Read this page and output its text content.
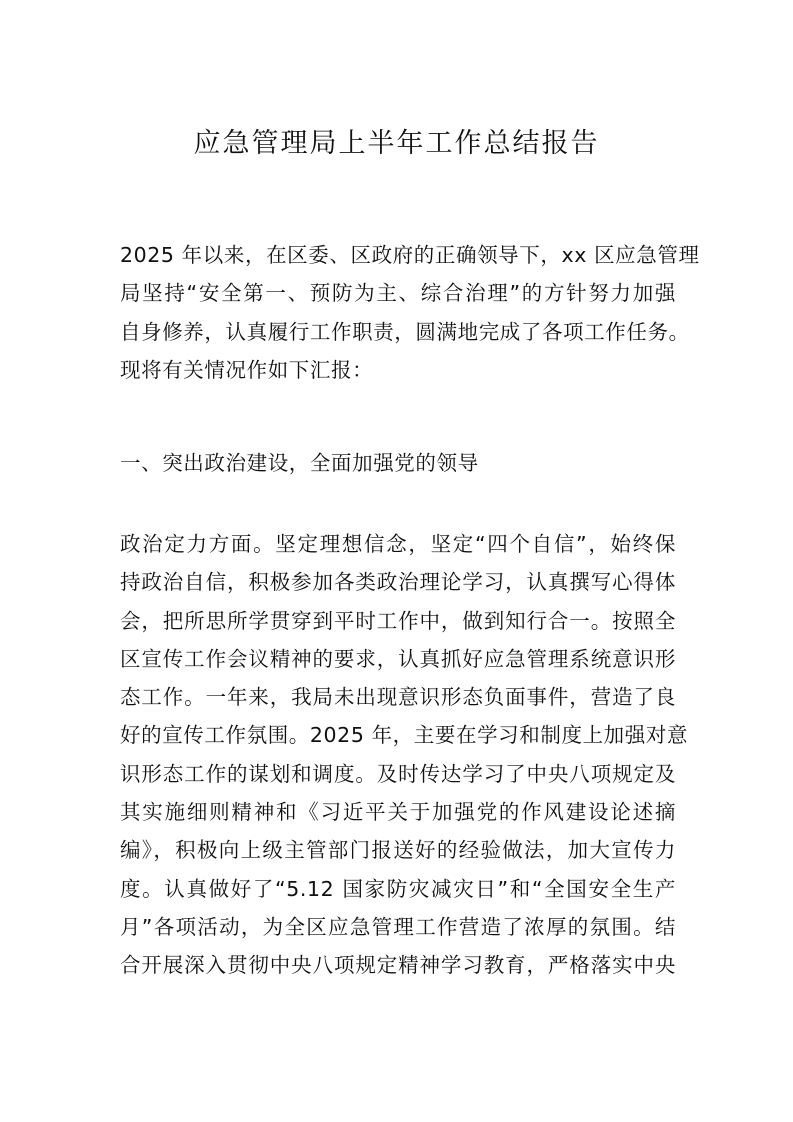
应急管理局上半年工作总结报告
2025 年以来，在区委、区政府的正确领导下，xx 区应急管理
局坚持“安全第一、预防为主、综合治理”的方针努力加强
自身修养，认真履行工作职责，圆满地完成了各项工作任务。
现将有关情况作如下汇报：
一、突出政治建设，全面加强党的领导
政治定力方面。坚定理想信念，坚定“四个自信”，始终保
持政治自信，积极参加各类政治理论学习，认真撰写心得体
会，把所思所学贯穿到平时工作中，做到知行合一。按照全
区宣传工作会议精神的要求，认真抓好应急管理系统意识形
态工作。一年来，我局未出现意识形态负面事件，营造了良
好的宣传工作氛围。2025 年，主要在学习和制度上加强对意
识形态工作的谋划和调度。及时传达学习了中央八项规定及
其实施细则精神和《习近平关于加强党的作风建设论述摘
编》，积极向上级主管部门报送好的经验做法，加大宣传力
度。认真做好了“5.12 国家防灾减灾日”和“全国安全生产
月”各项活动，为全区应急管理工作营造了浓厚的氛围。结
合开展深入贯彻中央八项规定精神学习教育，严格落实中央
